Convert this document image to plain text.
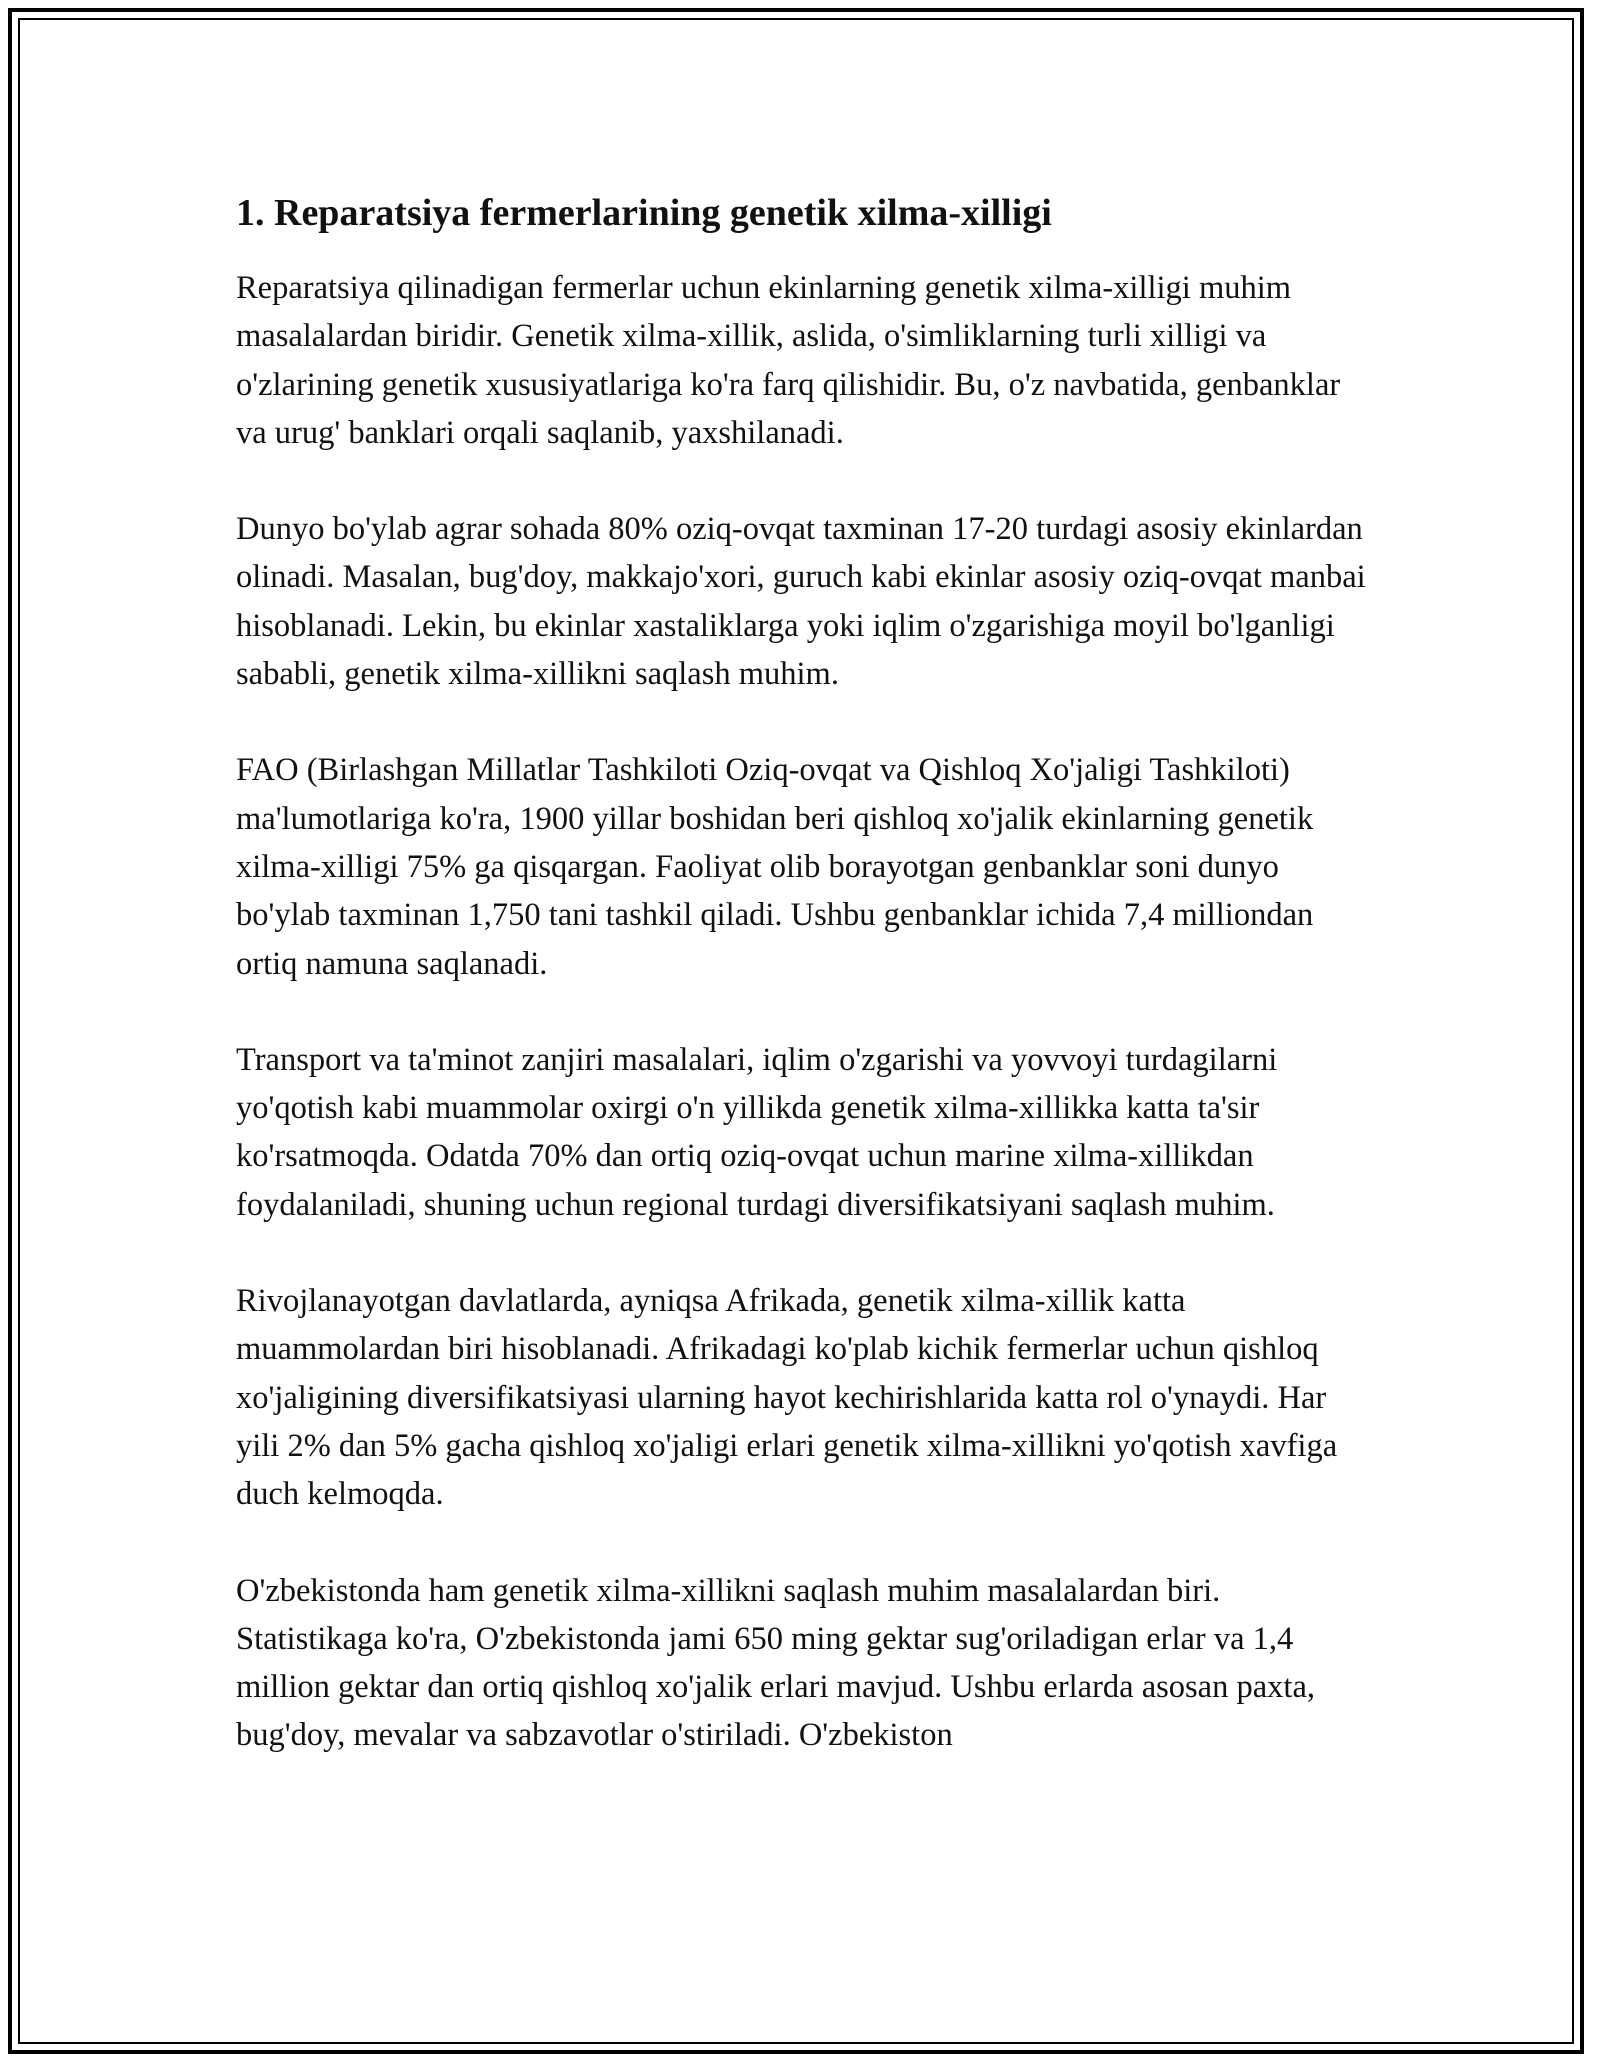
1. Reparatsiya fermerlarining genetik xilma-xilligi

Reparatsiya qilinadigan fermerlar uchun ekinlarning genetik xilma-xilligi muhim masalalardan biridir. Genetik xilma-xillik, aslida, o'simliklarning turli xilligi va o'zlarining genetik xususiyatlariga ko'ra farq qilishidir. Bu, o'z navbatida, genbanklar va urug' banklari orqali saqlanib, yaxshilanadi.

Dunyo bo'ylab agrar sohada 80% oziq-ovqat taxminan 17-20 turdagi asosiy ekinlardan olinadi. Masalan, bug'doy, makkajo'xori, guruch kabi ekinlar asosiy oziq-ovqat manbai hisoblanadi. Lekin, bu ekinlar xastaliklarga yoki iqlim o'zgarishiga moyil bo'lganligi sababli, genetik xilma-xillikni saqlash muhim.

FAO (Birlashgan Millatlar Tashkiloti Oziq-ovqat va Qishloq Xo'jaligi Tashkiloti) ma'lumotlariga ko'ra, 1900 yillar boshidan beri qishloq xo'jalik ekinlarning genetik xilma-xilligi 75% ga qisqargan. Faoliyat olib borayotgan genbanklar soni dunyo bo'ylab taxminan 1,750 tani tashkil qiladi. Ushbu genbanklar ichida 7,4 milliondan ortiq namuna saqlanadi.

Transport va ta'minot zanjiri masalalari, iqlim o'zgarishi va yovvoyi turdagilarni yo'qotish kabi muammolar oxirgi o'n yillikda genetik xilma-xillikka katta ta'sir ko'rsatmoqda. Odatda 70% dan ortiq oziq-ovqat uchun marine xilma-xillikdan foydalaniladi, shuning uchun regional turdagi diversifikatsiyani saqlash muhim.

Rivojlanayotgan davlatlarda, ayniqsa Afrikada, genetik xilma-xillik katta muammolardan biri hisoblanadi. Afrikadagi ko'plab kichik fermerlar uchun qishloq xo'jaligining diversifikatsiyasi ularning hayot kechirishlarida katta rol o'ynaydi. Har yili 2% dan 5% gacha qishloq xo'jaligi erlari genetik xilma-xillikni yo'qotish xavfiga duch kelmoqda.

O'zbekistonda ham genetik xilma-xillikni saqlash muhim masalalardan biri. Statistikaga ko'ra, O'zbekistonda jami 650 ming gektar sug'oriladigan erlar va 1,4 million gektar dan ortiq qishloq xo'jalik erlari mavjud. Ushbu erlarda asosan paxta, bug'doy, mevalar va sabzavotlar o'stiriladi. O'zbekiston
